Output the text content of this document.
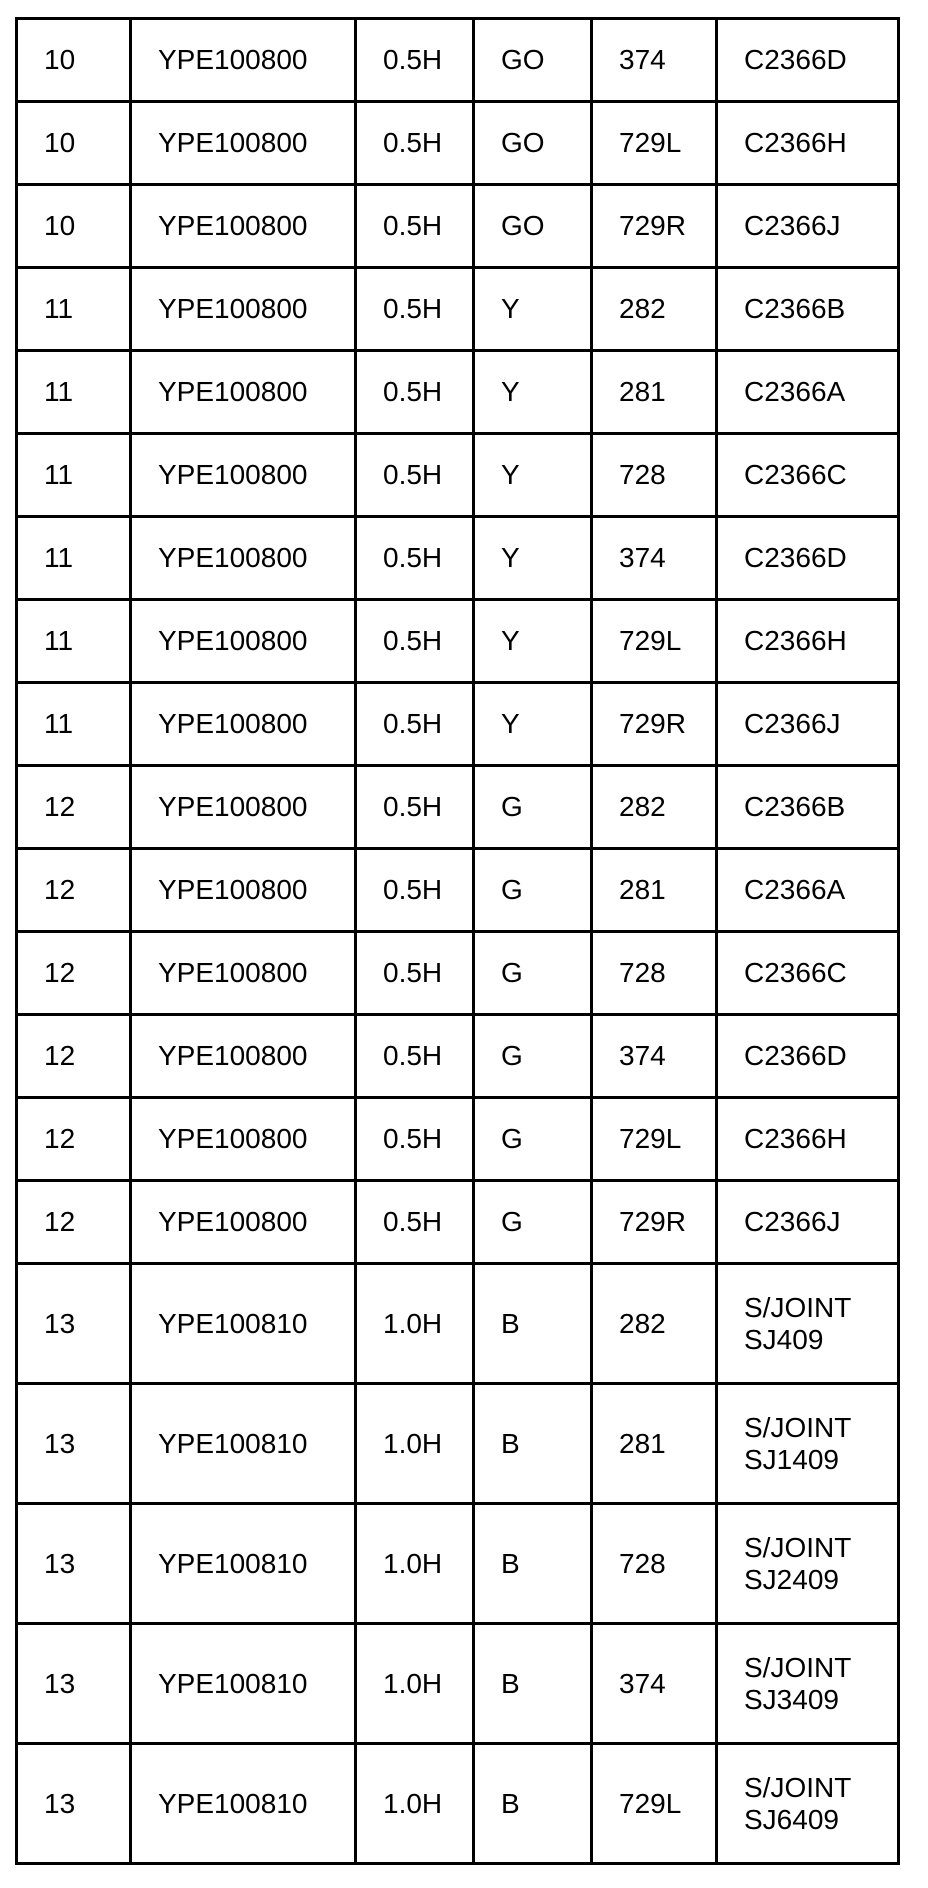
10	YPE100800	0.5H	GO	374	C2366D
10	YPE100800	0.5H	GO	729L	C2366H
10	YPE100800	0.5H	GO	729R	C2366J
11	YPE100800	0.5H	Y	282	C2366B
11	YPE100800	0.5H	Y	281	C2366A
11	YPE100800	0.5H	Y	728	C2366C
11	YPE100800	0.5H	Y	374	C2366D
11	YPE100800	0.5H	Y	729L	C2366H
11	YPE100800	0.5H	Y	729R	C2366J
12	YPE100800	0.5H	G	282	C2366B
12	YPE100800	0.5H	G	281	C2366A
12	YPE100800	0.5H	G	728	C2366C
12	YPE100800	0.5H	G	374	C2366D
12	YPE100800	0.5H	G	729L	C2366H
12	YPE100800	0.5H	G	729R	C2366J
13	YPE100810	1.0H	B	282	S/JOINT
SJ409
13	YPE100810	1.0H	B	281	S/JOINT
SJ1409
13	YPE100810	1.0H	B	728	S/JOINT
SJ2409
13	YPE100810	1.0H	B	374	S/JOINT
SJ3409
13	YPE100810	1.0H	B	729L	S/JOINT
SJ6409
